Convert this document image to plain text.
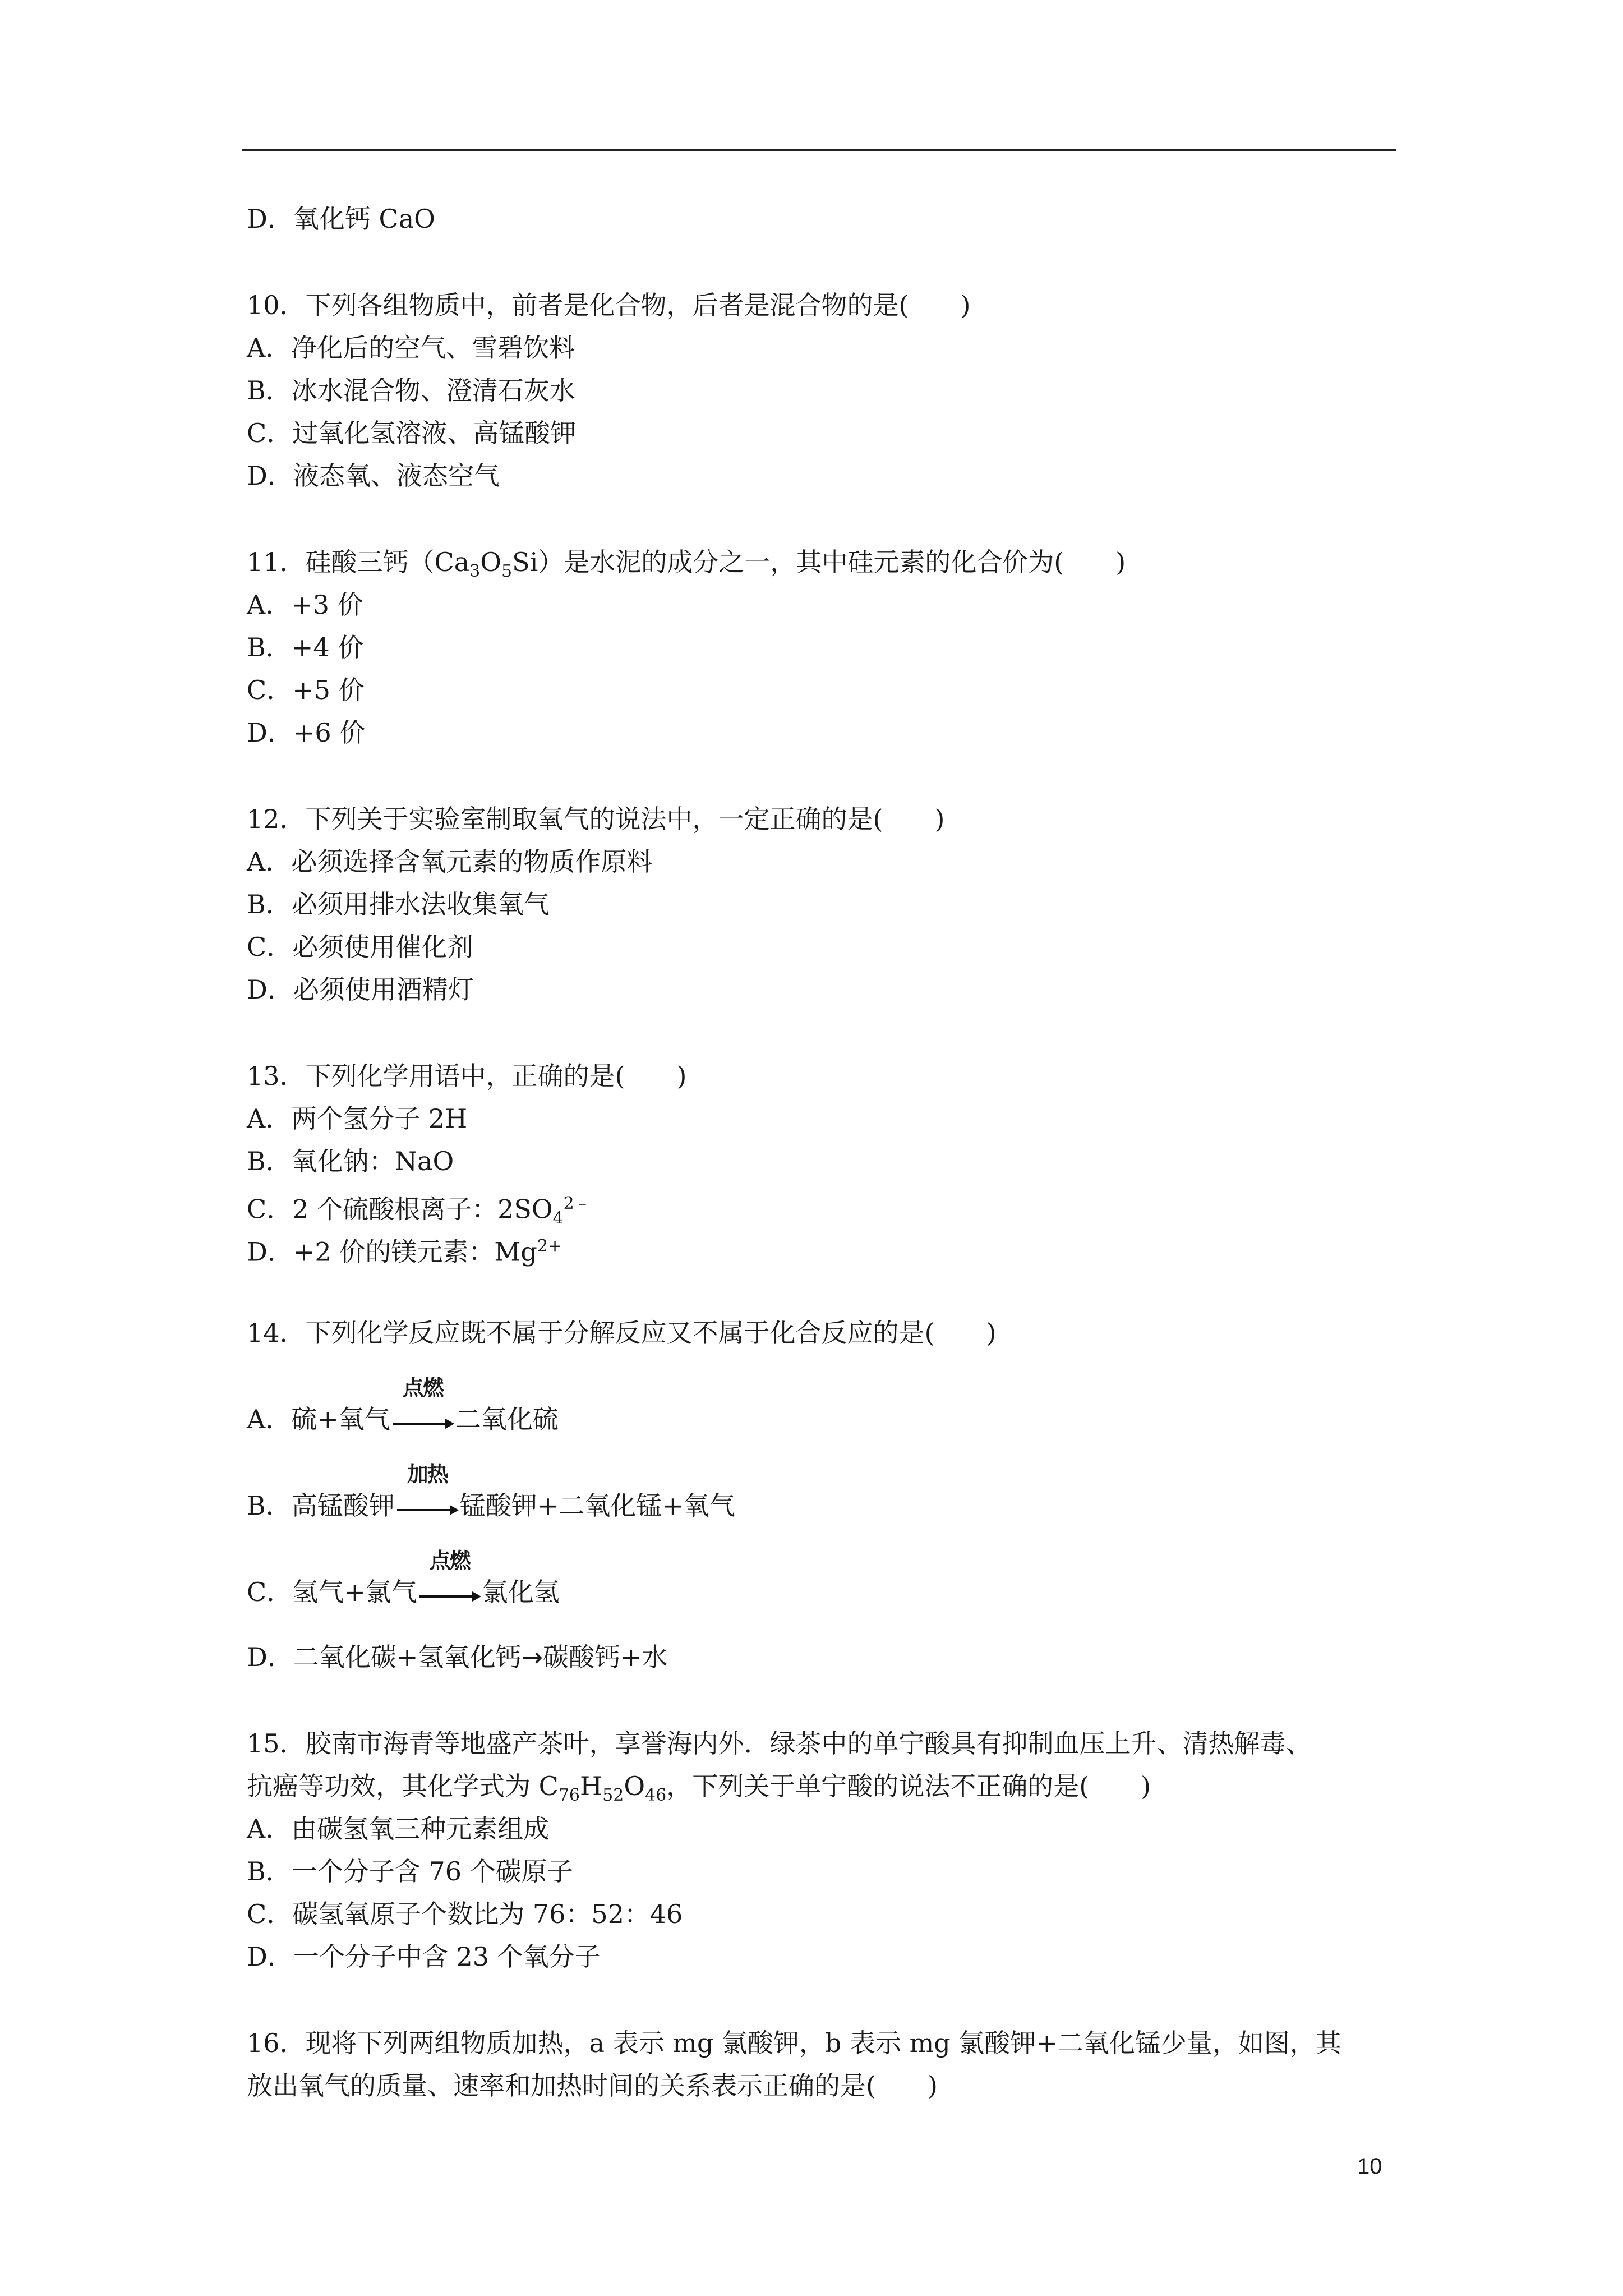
D．氧化钙 CaO
10．下列各组物质中，前者是化合物，后者是混合物的是(　　)
A．净化后的空气、雪碧饮料
B．冰水混合物、澄清石灰水
C．过氧化氢溶液、高锰酸钾
D．液态氧、液态空气
11．硅酸三钙$(Ca_3O_5Si)$是水泥的成分之一，其中硅元素的化合价为(　　)
A．+3 价
B．+4 价
C．+5 价
D．+6 价
12．下列关于实验室制取氧气的说法中，一定正确的是(　　)
A．必须选择含氧元素的物质作原料
B．必须用排水法收集氧气
C．必须使用催化剂
D．必须使用酒精灯
13．下列化学用语中，正确的是(　　)
A．两个氢分子 2H
B．氧化钠：NaO
C．2 个硫酸根离子：$2SO_4^{2﹣}$
D．+2 价的镁元素：$Mg^{2+}$
14．下列化学反应既不属于分解反应又不属于化合反应的是(　　)
A．硫+氧气
点燃
二氧化硫
B．高锰酸钾
加热
锰酸钾+二氧化锰+氧气
C．氢气+氯气
点燃
氯化氢
D．二氧化碳+氢氧化钙→碳酸钙+水
15．胶南市海青等地盛产茶叶，享誉海内外．绿茶中的单宁酸具有抑制血压上升、清热解毒、
抗癌等功效，其化学式为 $C_{76}H_{52}O_{46}$，下列关于单宁酸的说法不正确的是(　　)
A．由碳氢氧三种元素组成
B．一个分子含 76 个碳原子
C．碳氢氧原子个数比为 76：52：46
D．一个分子中含 23 个氧分子
16．现将下列两组物质加热，a 表示 mg 氯酸钾，b 表示 mg 氯酸钾+二氧化锰少量，如图，其
放出氧气的质量、速率和加热时间的关系表示正确的是(　　)
10
